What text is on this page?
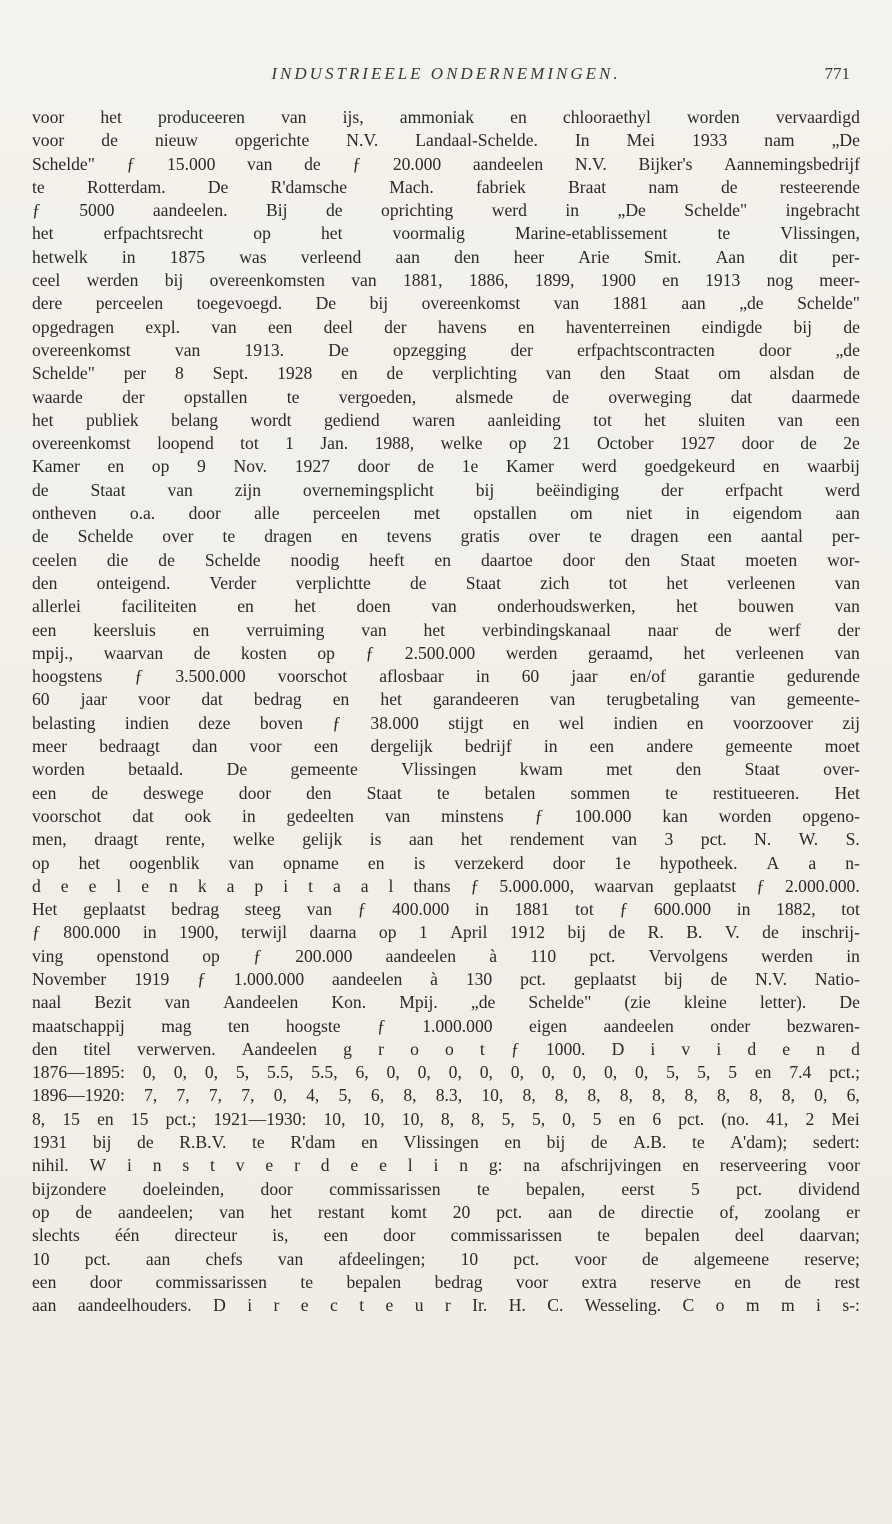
INDUSTRIEELE ONDERNEMINGEN.	771
voor het produceeren van ijs, ammoniak en chlooraethyl worden vervaardigd
voor de nieuw opgerichte N.V. Landaal-Schelde. In Mei 1933 nam „De
Schelde" ƒ 15.000 van de ƒ 20.000 aandeelen N.V. Bijker's Aannemingsbedrijf
te Rotterdam. De R'damsche Mach. fabriek Braat nam de resteerende
ƒ 5000 aandeelen. Bij de oprichting werd in „De Schelde" ingebracht
het	erfpachtsrecht	op	het	voormalig	Marine-etablissement	te	Vlissingen,
hetwelk in 1875 was verleend aan den heer Arie Smit. Aan dit per-
ceel werden bij overeenkomsten van 1881, 1886, 1899, 1900 en 1913 nog meer-
dere perceelen toegevoegd. De bij overeenkomst van 1881 aan „de Schelde"
opgedragen expl. van een deel der havens en haventerreinen eindigde bij de
overeenkomst	van	1913.	De	opzegging	der	erfpachtscontracten	door	„de
Schelde" per 8 Sept. 1928 en de verplichting van den Staat om alsdan de
waarde der opstallen te vergoeden, alsmede de overweging dat daarmede
het publiek belang wordt gediend waren aanleiding tot het sluiten van een
overeenkomst loopend tot 1 Jan. 1988, welke op 21 October 1927 door de 2e
Kamer en op 9 Nov. 1927 door de 1e Kamer werd goedgekeurd en waarbij
de Staat van zijn overnemingsplicht bij beëindiging der erfpacht werd
ontheven o.a. door alle perceelen met opstallen om niet in eigendom aan
de Schelde over te dragen en tevens gratis over te dragen een aantal per-
ceelen die de Schelde noodig heeft en daartoe door den Staat moeten wor-
den onteigend. Verder verplichtte de Staat zich tot het verleenen van
allerlei faciliteiten en het doen van onderhoudswerken, het bouwen van
een keersluis en verruiming van het verbindingskanaal naar de werf der
mpij., waarvan de kosten op ƒ 2.500.000 werden geraamd, het verleenen van
hoogstens ƒ 3.500.000 voorschot aflosbaar in 60 jaar en/of garantie gedurende
60 jaar voor dat bedrag en het garandeeren van terugbetaling van gemeente-
belasting indien deze boven ƒ 38.000 stijgt en wel indien en voorzoover zij
meer bedraagt dan voor een dergelijk bedrijf in een andere gemeente moet
worden betaald. De gemeente Vlissingen kwam met den Staat over-
een de deswege door den Staat te betalen sommen te restitueeren. Het
voorschot dat ook in gedeelten van minstens ƒ 100.000 kan worden opgeno-
men, draagt rente, welke gelijk is aan het rendement van 3 pct. N. W. S.
op het oogenblik van opname en is verzekerd door 1e hypotheek. A a n-
d e e l e n k a p i t a a l thans ƒ 5.000.000, waarvan geplaatst ƒ 2.000.000.
Het geplaatst bedrag steeg van ƒ 400.000 in 1881 tot ƒ 600.000 in 1882, tot
ƒ 800.000 in 1900, terwijl daarna op 1 April 1912 bij de R. B. V. de inschrij-
ving openstond op ƒ 200.000 aandeelen à 110 pct. Vervolgens werden in
November 1919 ƒ 1.000.000 aandeelen à 130 pct. geplaatst bij de N.V. Natio-
naal Bezit van Aandeelen Kon. Mpij. „de Schelde" (zie kleine letter). De
maatschappij mag ten hoogste ƒ 1.000.000 eigen aandeelen onder bezwaren-
den titel verwerven. Aandeelen g r o o t ƒ 1000. D i v i d e n d
1876—1895: 0, 0, 0, 5, 5.5, 5.5, 6, 0, 0, 0, 0, 0, 0, 0, 0, 0, 5, 5, 5 en 7.4 pct.;
1896—1920: 7, 7, 7, 7, 0, 4, 5, 6, 8, 8.3, 10, 8, 8, 8, 8, 8, 8, 8, 8, 8, 0, 6,
8, 15 en 15 pct.; 1921—1930: 10, 10, 10, 8, 8, 5, 5, 0, 5 en 6 pct. (no. 41, 2 Mei
1931 bij de R.B.V. te R'dam en Vlissingen en bij de A.B. te A'dam); sedert:
nihil. W i n s t v e r d e e l i n g: na afschrijvingen en reserveering voor
bijzondere doeleinden, door commissarissen te bepalen, eerst 5 pct. dividend
op de aandeelen; van het restant komt 20 pct. aan de directie of, zoolang er
slechts één directeur is, een door commissarissen te bepalen deel daarvan;
10 pct. aan chefs van afdeelingen; 10 pct. voor de algemeene reserve;
een door commissarissen te bepalen bedrag voor extra reserve en de rest
aan aandeelhouders. D i r e c t e u r Ir. H. C. Wesseling. C o m m i s-:
